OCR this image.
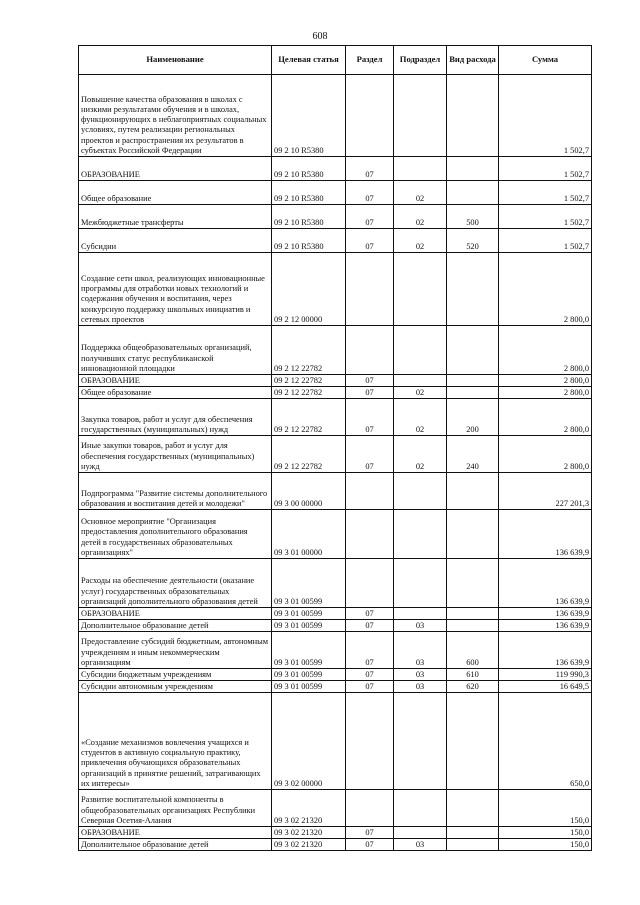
608
Наименование	Целевая статья	Раздел	Подраздел	Вид расхода	Сумма
Повышение качества образования в школах с низкими результатами обучения и в школах, функционирующих в неблагоприятных социальных условиях, путем реализации региональных проектов и распространения их результатов в субъектах Российской Федерации	09 2 10 R5380				1 502,7
ОБРАЗОВАНИЕ	09 2 10 R5380	07			1 502,7
Общее образование	09 2 10 R5380	07	02		1 502,7
Межбюджетные трансферты	09 2 10 R5380	07	02	500	1 502,7
Субсидии	09 2 10 R5380	07	02	520	1 502,7
Создание сети школ, реализующих инновационные программы для отработки новых технологий и содержания обучения и воспитания, через конкурсную поддержку школьных инициатив и сетевых проектов	09 2 12 00000				2 800,0
Поддержка общеобразовательных организаций, получивших статус республиканской инновационной площадки	09 2 12 22782				2 800,0
ОБРАЗОВАНИЕ	09 2 12 22782	07			2 800,0
Общее образование	09 2 12 22782	07	02		2 800,0
Закупка товаров, работ и услуг для обеспечения государственных (муниципальных) нужд	09 2 12 22782	07	02	200	2 800,0
Иные закупки товаров, работ и услуг для обеспечения государственных (муниципальных) нужд	09 2 12 22782	07	02	240	2 800,0
Подпрограмма "Развитие системы дополнительного образования и воспитания детей и молодежи"	09 3 00 00000				227 201,3
Основное мероприятие "Организация предоставления дополнительного образования детей в государственных образовательных организациях"	09 3 01 00000				136 639,9
Расходы на обеспечение деятельности (оказание услуг) государственных образовательных организаций дополнительного образования детей	09 3 01 00599				136 639,9
ОБРАЗОВАНИЕ	09 3 01 00599	07			136 639,9
Дополнительное образование детей	09 3 01 00599	07	03		136 639,9
Предоставление субсидий бюджетным, автономным учреждениям и иным некоммерческим организациям	09 3 01 00599	07	03	600	136 639,9
Субсидии бюджетным учреждениям	09 3 01 00599	07	03	610	119 990,3
Субсидии автономным учреждениям	09 3 01 00599	07	03	620	16 649,5
«Создание механизмов вовлечения учащихся и студентов в активную социальную практику, привлечения обучающихся образовательных организаций в принятие решений, затрагивающих их интересы»	09 3 02 00000				650,0
Развитие воспитательной компоненты в общеобразовательных организациях Республики Северная Осетия-Алания	09 3 02 21320				150,0
ОБРАЗОВАНИЕ	09 3 02 21320	07			150,0
Дополнительное образование детей	09 3 02 21320	07	03		150,0
